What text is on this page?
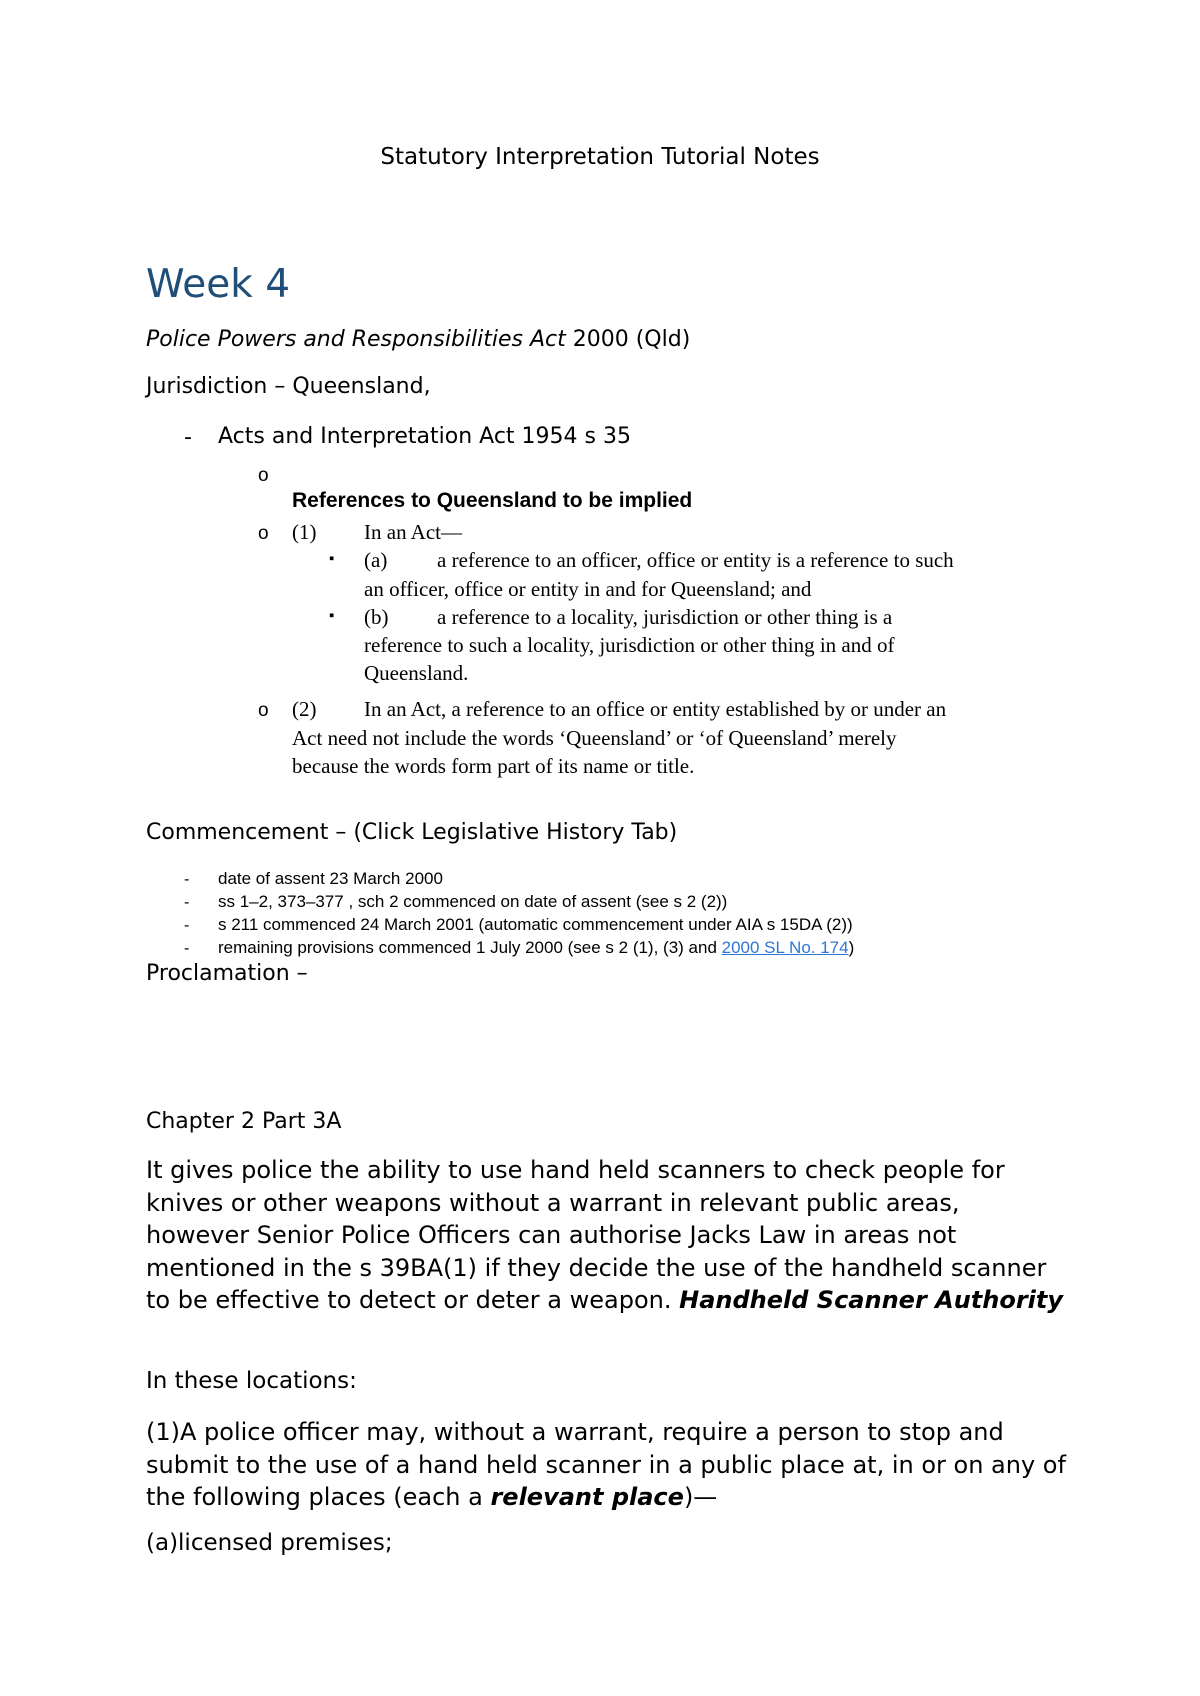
Statutory Interpretation Tutorial Notes
Week 4
Police Powers and Responsibilities Act 2000 (Qld)
Jurisdiction – Queensland,
- Acts and Interpretation Act 1954 s 35
o
References to Queensland to be implied
o (1) In an Act—
▪ (a) a reference to an officer, office or entity is a reference to such
an officer, office or entity in and for Queensland; and
▪ (b) a reference to a locality, jurisdiction or other thing is a
reference to such a locality, jurisdiction or other thing in and of
Queensland.
o (2) In an Act, a reference to an office or entity established by or under an
Act need not include the words ‘Queensland’ or ‘of Queensland’ merely
because the words form part of its name or title.
Commencement – (Click Legislative History Tab)
- date of assent 23 March 2000
- ss 1–2, 373–377 , sch 2 commenced on date of assent (see s 2 (2))
- s 211 commenced 24 March 2001 (automatic commencement under AIA s 15DA (2))
- remaining provisions commenced 1 July 2000 (see s 2 (1), (3) and 2000 SL No. 174)
Proclamation –
Chapter 2 Part 3A
It gives police the ability to use hand held scanners to check people for knives or other weapons without a warrant in relevant public areas, however Senior Police Officers can authorise Jacks Law in areas not mentioned in the s 39BA(1) if they decide the use of the handheld scanner to be effective to detect or deter a weapon. Handheld Scanner Authority
In these locations:
(1)A police officer may, without a warrant, require a person to stop and submit to the use of a hand held scanner in a public place at, in or on any of the following places (each a relevant place)—
(a)licensed premises;
